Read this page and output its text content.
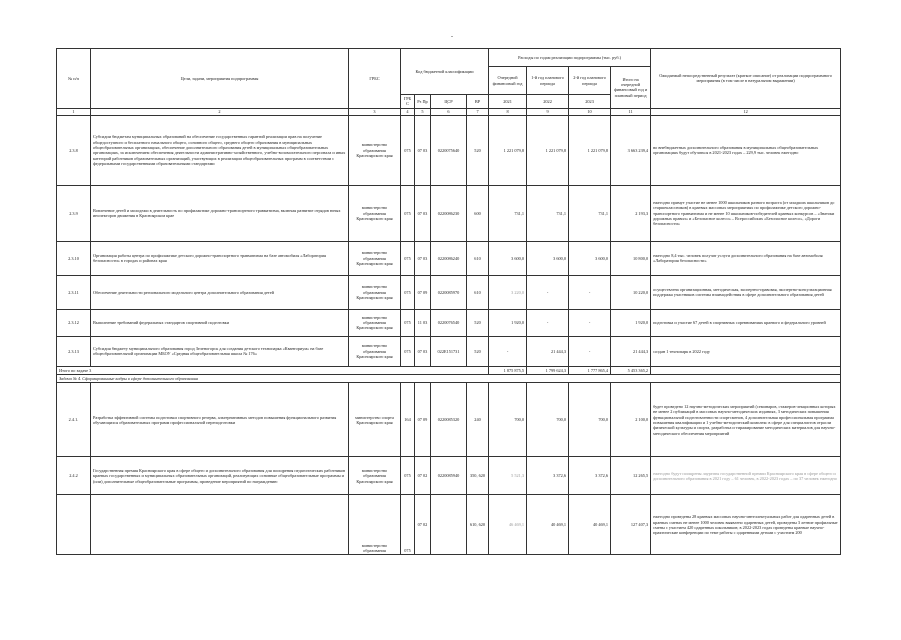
.
№ п/п	Цели, задачи, мероприятия подпрограммы	ГРБС	Код бюджетной классификации				Расходы по годам реализации подпрограммы (тыс. руб.)				Ожидаемый непосредственный результат (краткое описание) от реализации подпрограммного мероприятия (в том числе в натуральном выражении)
							Очередной финансовый год	1-й год планового периода	2-й год планового периода	Итого на очередной финансовый год и плановый период	
			ГРБС	Рз Пр	ЦСР	ВР	2021	2022	2023		
1	2	3	4	5	6	7	8	9	10	11	12
2.3.8	Субсидии бюджетам муниципальных образований на обеспечение государственных гарантий реализации прав на получение общедоступного и бесплатного начального общего, основного общего, среднего общего образования в муниципальных общеобразовательных организациях, обеспечение дополнительного образования детей в муниципальных общеобразовательных организациях, за исключением обеспечения деятельности административно-хозяйственного, учебно-вспомогательного персонала и иных категорий работников образовательных организаций, участвующих в реализации общеобразовательных программ в соответствии с федеральными государственными образовательными стандартами	министерство образования Красноярского края	075	07 03	0220075640	520	1 221 079,8	1 221 079,8	1 221 079,8	3 663 239,4	во внебюджетных дополнительного образования в муниципальных общеобразовательных организациях будут обучаться в 2021-2023 годах – 229,9 тыс. человек ежегодно
2.3.9	Вовлечение детей и молодежи в деятельность по профилактике дорожно-транспортного травматизма, включая развитие отрядов юных инспекторов движения в Красноярском крае	министерство образования Красноярского края	075	07 03	0220086230	600	731,1	731,1	731,1	2 193,3	ежегодно примут участие не менее 1000 школьников разного возраста (от младших школьников до старшеклассников) в краевых массовых мероприятиях по профилактике детского дорожно-транспортного травматизма и не менее 10 школьников-победителей краевых конкурсов – «Знатоки дорожных правил» и «Безопасное колесо» – Всероссийских «Безопасное колесо», «Дороги безопасности»
2.3.10	Организация работы центра по профилактике детского дорожно-транспортного травматизма на базе автомобиля «Лаборатория безопасности» в городах и районах края	министерство образования Красноярского края	075	07 03	0220086240	610	3 600,0	3 600,0	3 600,0	10 800,0	ежегодно 8,4 тыс. человек получат услуги дополнительного образования на базе автомобиля «Лаборатория безопасности»
2.3.11	Обеспечение деятельности регионального модельного центра дополнительного образования детей	министерство образования Красноярского края	075	07 09	0220085970	610	3 220,0	-	-	10 220,0	осуществлена организационная, методическая, экспертно-правовая, экспертно-консультационная поддержка участников системы взаимодействия в сфере дополнительного образования детей
2.3.12	Выполнение требований федеральных стандартов спортивной подготовки	министерство образования Красноярского края	075	11 03	0220076540	520	1 920,0	-	-	1 920,0	подготовка и участие 67 детей в спортивных соревнованиях краевого и федерального уровней
2.3.13	Субсидия бюджету муниципального образования город Зеленогорск для создания детского технопарка «Кванториум» на базе общеобразовательной организации МБОУ «Средняя общеобразовательная школа № 176»	министерство образования Красноярского края	075	07 03	022E151731	520	-	21 444,3	-	21 444,3	создан 1 технопарк в 2022 году
Итого по задаче 3							1 875 875,5	1 799 624,3	1 777 865,4	5 453 365,2	
Задача № 4. Сформированные кадры в сфере дополнительного образования											
2.4.1.	Разработка эффективной системы подготовки спортивного резерва, альтернативных методов повышения функционального развития обучающихся образовательных программ профессиональной переподготовки	министерство спорта Красноярского края	164	07 09	0220085320	240	700,0	700,0	700,0	2 100,0	будет проведено 12 научно-методических мероприятий (семинаров, стажеров-лекционных которых не менее 2 публикаций в массовых научно-методических изданиях, 3 методических повышения функциональной подготовленности спортсменов, 4 дополнительная профессиональная программа повышения квалификации и 1 учебно-методический комплекс в сфере для специалистов отрасли физической культуры и спорта, разработка и тиражирование методических материалов для научно-методического обеспечения мероприятий
2.4.2	Государственная премия Красноярского края в сфере общего и дополнительного образования для поощрения педагогических работников краевых государственных и муниципальных образовательных организаций, реализующих основные общеобразовательные программы и (или) дополнительные общеобразовательные программы, проведение мероприятий по награждению	министерство образования Красноярского края	075	07 02	0220085940	350, 620	5 521,3	3 372,6	3 372,6	12 265,5	ежегодно будут поощрены лауреаты государственной премии Красноярского края в сфере общего и дополнительного образования в 2021 году – 61 человек, в 2022-2023 годах – по 37 человек ежегодно
		министерство образования	075	07 02		610, 620	46 469,1	40 469,1	40 469,1	127 407,3	ежегодно проведены 28 краевых массовых научно-интеллектуальных работ для одаренных детей в краевых сменах не менее 1000 человек выявлено одаренных детей, проведены 3 летние профильные смены с участием 420 одаренных школьников; в 2022-2023 годах проведены краевые научно-практические конференции по теме работы с одаренными детьми с участием 200
